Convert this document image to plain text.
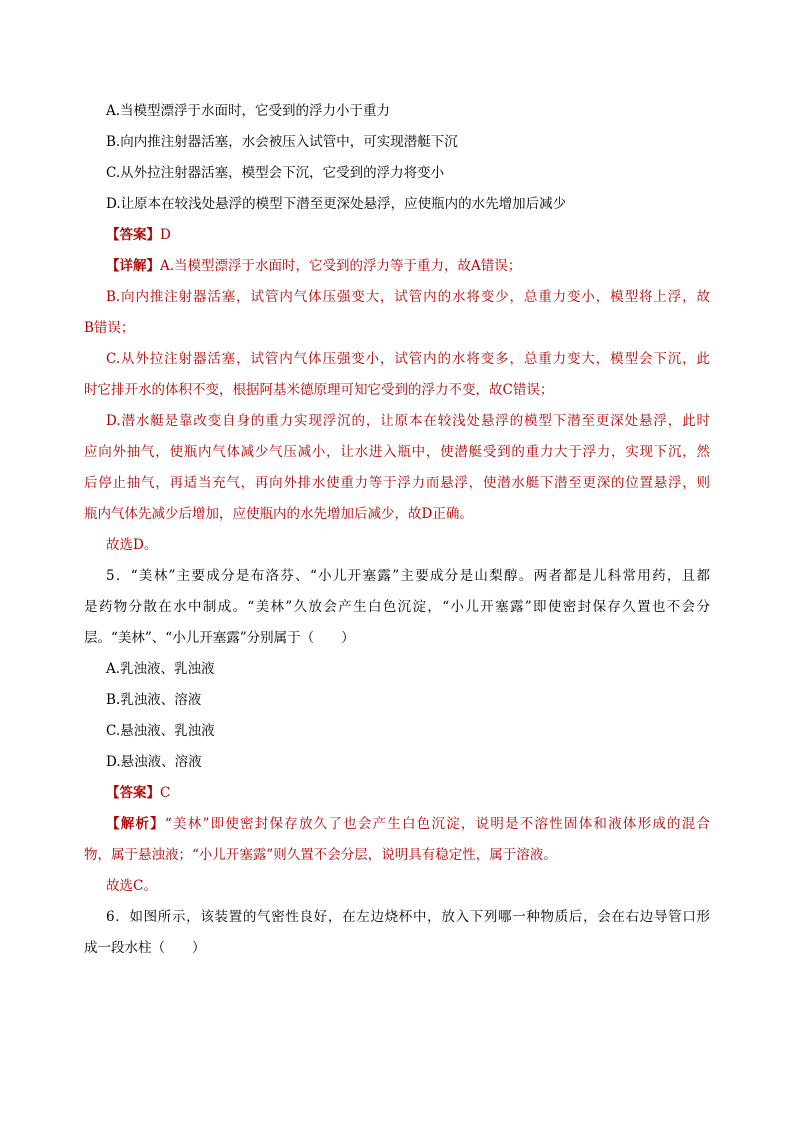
A.当模型漂浮于水面时，它受到的浮力小于重力
B.向内推注射器活塞，水会被压入试管中，可实现潜艇下沉
C.从外拉注射器活塞，模型会下沉，它受到的浮力将变小
D.让原本在较浅处悬浮的模型下潜至更深处悬浮，应使瓶内的水先增加后减少
【答案】D
【详解】A.当模型漂浮于水面时，它受到的浮力等于重力，故A错误；
B.向内推注射器活塞，试管内气体压强变大，试管内的水将变少，总重力变小，模型将上浮，故
B错误；
C.从外拉注射器活塞，试管内气体压强变小，试管内的水将变多，总重力变大，模型会下沉，此
时它排开水的体积不变，根据阿基米德原理可知它受到的浮力不变，故C错误；
D.潜水艇是靠改变自身的重力实现浮沉的，让原本在较浅处悬浮的模型下潜至更深处悬浮，此时
应向外抽气，使瓶内气体减少气压减小，让水进入瓶中，使潜艇受到的重力大于浮力，实现下沉，然
后停止抽气，再适当充气，再向外排水使重力等于浮力而悬浮，使潜水艇下潜至更深的位置悬浮，则
瓶内气体先减少后增加，应使瓶内的水先增加后减少，故D正确。
故选D。
5．“美林”主要成分是布洛芬、“小儿开塞露”主要成分是山梨醇。两者都是儿科常用药，且都
是药物分散在水中制成。“美林”久放会产生白色沉淀，“小儿开塞露”即使密封保存久置也不会分
层。“美林”、“小儿开塞露”分别属于（　　）
A.乳浊液、乳浊液
B.乳浊液、溶液
C.悬浊液、乳浊液
D.悬浊液、溶液
【答案】C
【解析】“美林”即使密封保存放久了也会产生白色沉淀，说明是不溶性固体和液体形成的混合
物，属于悬浊液；“小儿开塞露”则久置不会分层，说明具有稳定性，属于溶液。
故选C。
6．如图所示，该装置的气密性良好，在左边烧杯中，放入下列哪一种物质后，会在右边导管口形
成一段水柱（　　）
